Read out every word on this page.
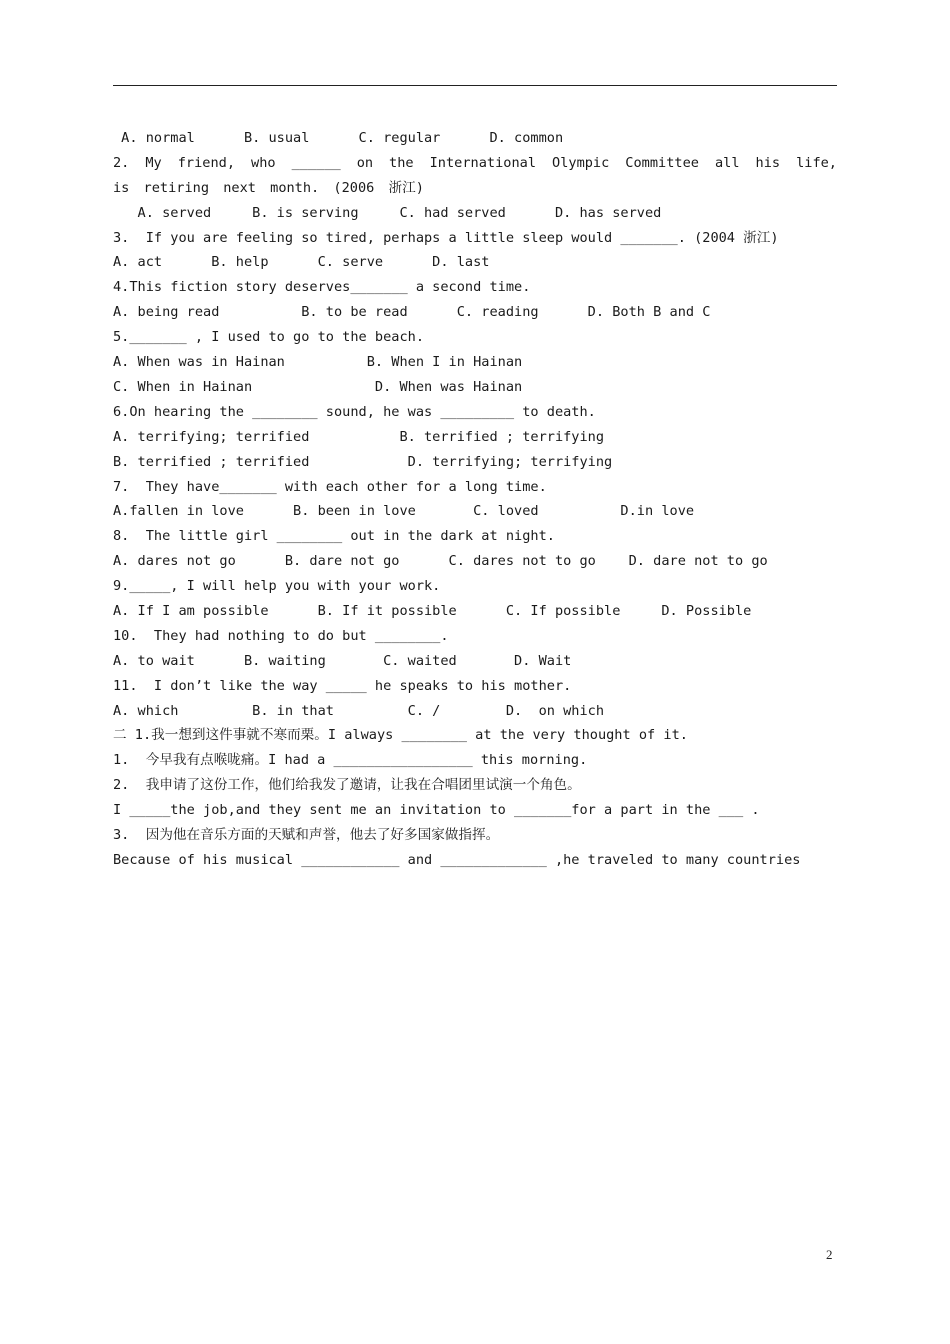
A. normal      B. usual      C. regular      D. common
2. My friend, who ______ on the International Olympic Committee all his life, is retiring next month. (2006 浙江)
A. served     B. is serving     C. had served      D. has served
3.  If you are feeling so tired, perhaps a little sleep would _______. (2004 浙江)
A. act      B. help      C. serve      D. last
4.This fiction story deserves_______ a second time.
A. being read          B. to be read      C. reading      D. Both B and C
5._______ , I used to go to the beach.
A. When was in Hainan          B. When I in Hainan
C. When in Hainan               D. When was Hainan
6.On hearing the ________ sound, he was _________ to death.
A. terrifying; terrified           B. terrified ; terrifying
B. terrified ; terrified            D. terrifying; terrifying
7.  They have_______ with each other for a long time.
A.fallen in love      B. been in love       C. loved          D.in love
8.  The little girl ________ out in the dark at night.
A. dares not go      B. dare not go      C. dares not to go    D. dare not to go
9._____, I will help you with your work.
A. If I am possible      B. If it possible      C. If possible     D. Possible
10.  They had nothing to do but ________.
A. to wait      B. waiting       C. waited       D. Wait
11.  I don’t like the way _____ he speaks to his mother.
A. which         B. in that         C. /        D.  on which
二 1.我一想到这件事就不寒而栗。I always ________ at the very thought of it.
1.  今早我有点喉咙痛。I had a _________________ this morning.
2.  我申请了这份工作，他们给我发了邀请，让我在合唱团里试演一个角色。
I _____the job,and they sent me an invitation to _______for a part in the ___ .
3.  因为他在音乐方面的天赋和声誉，他去了好多国家做指挥。
Because of his musical ____________ and _____________ ,he traveled to many countries
2
